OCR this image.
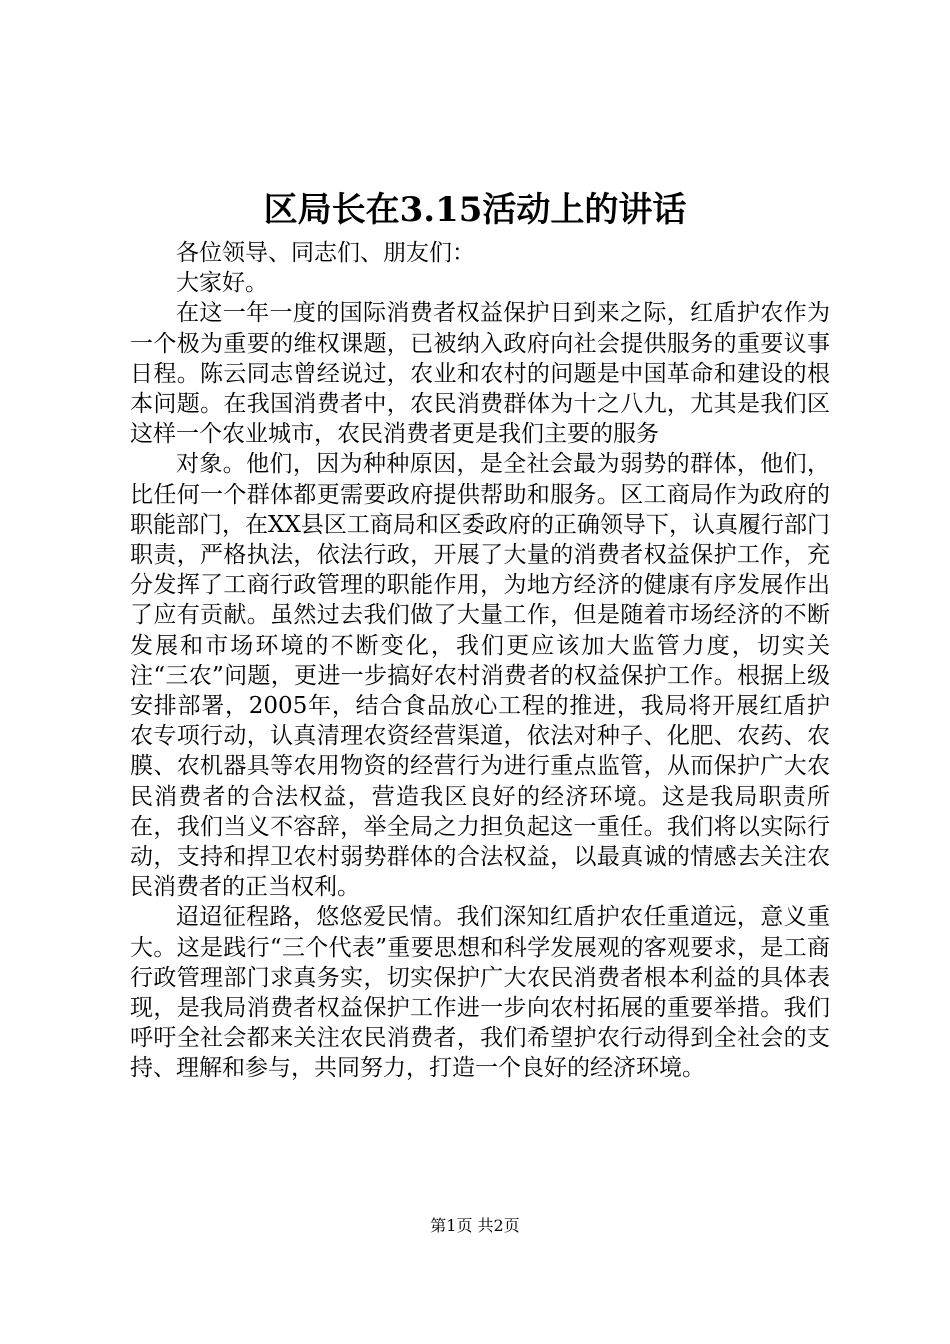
区局长在3.15活动上的讲话

各位领导、同志们、朋友们：

大家好。

在这一年一度的国际消费者权益保护日到来之际，红盾护农作为一个极为重要的维权课题，已被纳入政府向社会提供服务的重要议事日程。陈云同志曾经说过，农业和农村的问题是中国革命和建设的根本问题。在我国消费者中，农民消费群体为十之八九，尤其是我们区这样一个农业城市，农民消费者更是我们主要的服务

对象。他们，因为种种原因，是全社会最为弱势的群体，他们，比任何一个群体都更需要政府提供帮助和服务。区工商局作为政府的职能部门，在XX县区工商局和区委政府的正确领导下，认真履行部门职责，严格执法，依法行政，开展了大量的消费者权益保护工作，充分发挥了工商行政管理的职能作用，为地方经济的健康有序发展作出了应有贡献。虽然过去我们做了大量工作，但是随着市场经济的不断发展和市场环境的不断变化，我们更应该加大监管力度，切实关注“三农”问题，更进一步搞好农村消费者的权益保护工作。根据上级安排部署，2005年，结合食品放心工程的推进，我局将开展红盾护农专项行动，认真清理农资经营渠道，依法对种子、化肥、农药、农膜、农机器具等农用物资的经营行为进行重点监管，从而保护广大农民消费者的合法权益，营造我区良好的经济环境。这是我局职责所在，我们当义不容辞，举全局之力担负起这一重任。我们将以实际行动，支持和捍卫农村弱势群体的合法权益，以最真诚的情感去关注农民消费者的正当权利。

迢迢征程路，悠悠爱民情。我们深知红盾护农任重道远，意义重大。这是践行“三个代表”重要思想和科学发展观的客观要求，是工商行政管理部门求真务实，切实保护广大农民消费者根本利益的具体表现，是我局消费者权益保护工作进一步向农村拓展的重要举措。我们呼吁全社会都来关注农民消费者，我们希望护农行动得到全社会的支持、理解和参与，共同努力，打造一个良好的经济环境。

第1页 共2页
